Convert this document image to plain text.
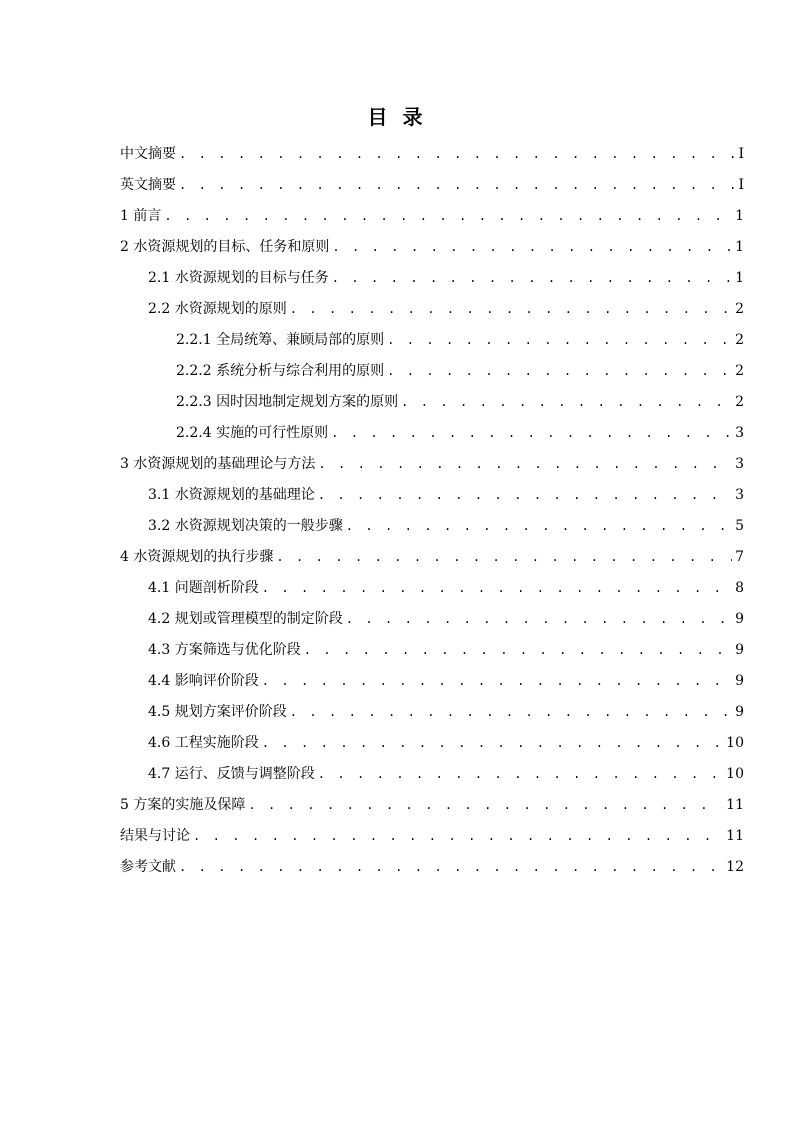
目 录
中文摘要 . . .	I
英文摘要 . . .	I
1 前言 . . .	1
2 水资源规划的目标、任务和原则 . . .	1
2.1 水资源规划的目标与任务 . . .	1
2.2 水资源规划的原则 . . .	2
2.2.1 全局统筹、兼顾局部的原则 . . .	2
2.2.2 系统分析与综合利用的原则 . . .	2
2.2.3 因时因地制定规划方案的原则 . . .	2
2.2.4 实施的可行性原则 . . .	3
3 水资源规划的基础理论与方法 . . .	3
3.1 水资源规划的基础理论 . . .	3
3.2 水资源规划决策的一般步骤 . . .	5
4 水资源规划的执行步骤 . . .	7
4.1 问题剖析阶段 . . .	8
4.2 规划或管理模型的制定阶段 . . .	9
4.3 方案筛选与优化阶段 . . .	9
4.4 影响评价阶段 . . .	9
4.5 规划方案评价阶段 . . .	9
4.6 工程实施阶段 . . .	10
4.7 运行、反馈与调整阶段 . . .	10
5 方案的实施及保障 . . .	11
结果与讨论 . . .	11
参考文献 . . .	12
